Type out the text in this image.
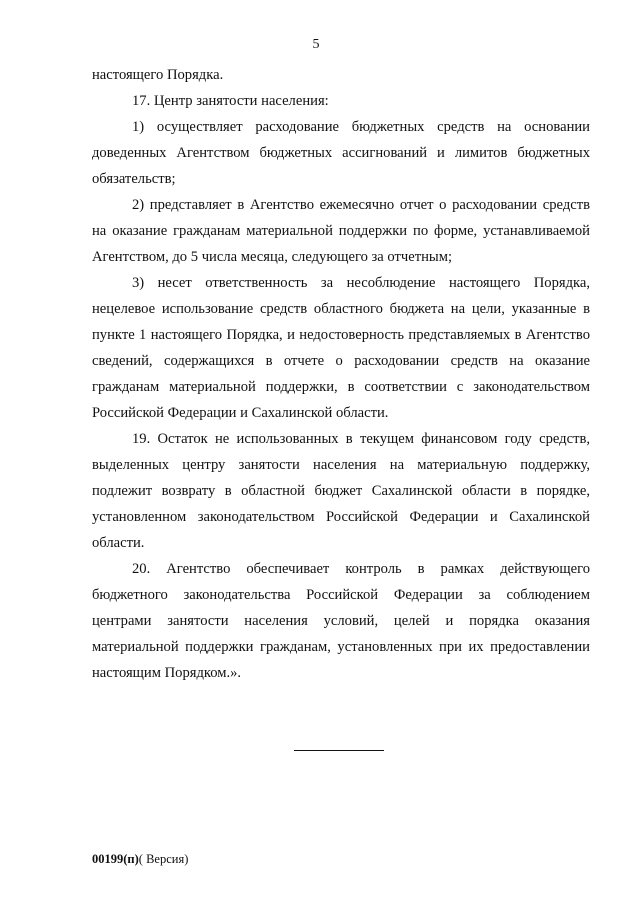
5

настоящего Порядка.

17. Центр занятости населения:

1) осуществляет расходование бюджетных средств на основании доведенных Агентством бюджетных ассигнований и лимитов бюджетных обязательств;

2) представляет в Агентство ежемесячно отчет о расходовании средств на оказание гражданам материальной поддержки по форме, устанавливаемой Агентством, до 5 числа месяца, следующего за отчетным;

3) несет ответственность за несоблюдение настоящего Порядка, нецелевое использование средств областного бюджета на цели, указанные в пункте 1 настоящего Порядка, и недостоверность представляемых в Агентство сведений, содержащихся в отчете о расходовании средств на оказание гражданам материальной поддержки, в соответствии с законодательством Российской Федерации и Сахалинской области.

19. Остаток не использованных в текущем финансовом году средств, выделенных центру занятости населения на материальную поддержку, подлежит возврату в областной бюджет Сахалинской области в порядке, установленном законодательством Российской Федерации и Сахалинской области.

20. Агентство обеспечивает контроль в рамках действующего бюджетного законодательства Российской Федерации за соблюдением центрами занятости населения условий, целей и порядка оказания материальной поддержки гражданам, установленных при их предоставлении настоящим Порядком.».

00199(п)( Версия)
